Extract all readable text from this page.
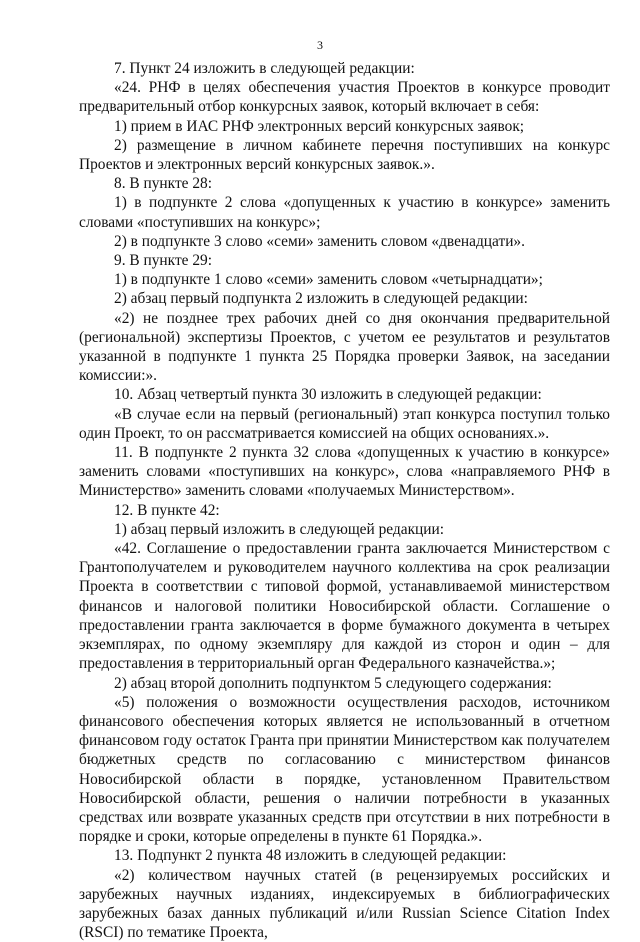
3

7. Пункт 24 изложить в следующей редакции:

«24. РНФ в целях обеспечения участия Проектов в конкурсе проводит предварительный отбор конкурсных заявок, который включает в себя:

1) прием в ИАС РНФ электронных версий конкурсных заявок;

2) размещение в личном кабинете перечня поступивших на конкурс Проектов и электронных версий конкурсных заявок.».

8. В пункте 28:

1) в подпункте 2 слова «допущенных к участию в конкурсе» заменить словами «поступивших на конкурс»;

2) в подпункте 3 слово «семи» заменить словом «двенадцати».

9. В пункте 29:

1) в подпункте 1 слово «семи» заменить словом «четырнадцати»;

2) абзац первый подпункта 2 изложить в следующей редакции:

«2) не позднее трех рабочих дней со дня окончания предварительной (региональной) экспертизы Проектов, с учетом ее результатов и результатов указанной в подпункте 1 пункта 25 Порядка проверки Заявок, на заседании комиссии:».

10. Абзац четвертый пункта 30 изложить в следующей редакции:

«В случае если на первый (региональный) этап конкурса поступил только один Проект, то он рассматривается комиссией на общих основаниях.».

11. В подпункте 2 пункта 32 слова «допущенных к участию в конкурсе» заменить словами «поступивших на конкурс», слова «направляемого РНФ в Министерство» заменить словами «получаемых Министерством».

12. В пункте 42:

1) абзац первый изложить в следующей редакции:

«42. Соглашение о предоставлении гранта заключается Министерством с Грантополучателем и руководителем научного коллектива на срок реализации Проекта в соответствии с типовой формой, устанавливаемой министерством финансов и налоговой политики Новосибирской области. Соглашение о предоставлении гранта заключается в форме бумажного документа в четырех экземплярах, по одному экземпляру для каждой из сторон и один – для предоставления в территориальный орган Федерального казначейства.»;

2) абзац второй дополнить подпунктом 5 следующего содержания:

«5) положения о возможности осуществления расходов, источником финансового обеспечения которых является не использованный в отчетном финансовом году остаток Гранта при принятии Министерством как получателем бюджетных средств по согласованию с министерством финансов Новосибирской области в порядке, установленном Правительством Новосибирской области, решения о наличии потребности в указанных средствах или возврате указанных средств при отсутствии в них потребности в порядке и сроки, которые определены в пункте 61 Порядка.».

13. Подпункт 2 пункта 48 изложить в следующей редакции:

«2) количеством научных статей (в рецензируемых российских и зарубежных научных изданиях, индексируемых в библиографических зарубежных базах данных публикаций и/или Russian Science Citation Index (RSCI) по тематике Проекта,
